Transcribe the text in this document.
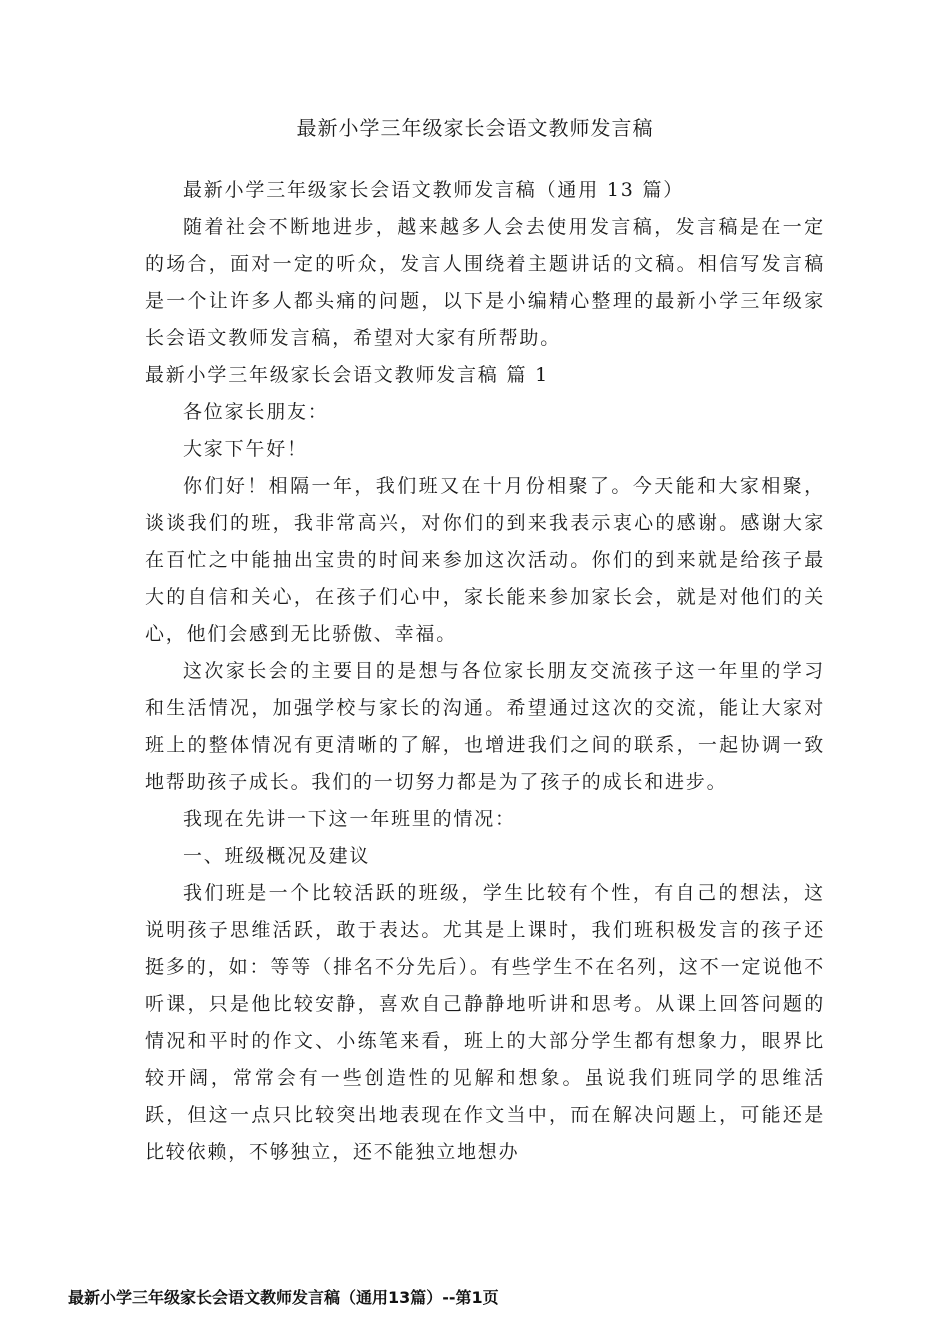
最新小学三年级家长会语文教师发言稿

最新小学三年级家长会语文教师发言稿（通用 13 篇）

随着社会不断地进步，越来越多人会去使用发言稿，发言稿是在一定的场合，面对一定的听众，发言人围绕着主题讲话的文稿。相信写发言稿是一个让许多人都头痛的问题，以下是小编精心整理的最新小学三年级家长会语文教师发言稿，希望对大家有所帮助。

最新小学三年级家长会语文教师发言稿 篇 1

各位家长朋友：

大家下午好！

你们好！相隔一年，我们班又在十月份相聚了。今天能和大家相聚，谈谈我们的班，我非常高兴，对你们的到来我表示衷心的感谢。感谢大家在百忙之中能抽出宝贵的时间来参加这次活动。你们的到来就是给孩子最大的自信和关心，在孩子们心中，家长能来参加家长会，就是对他们的关心，他们会感到无比骄傲、幸福。

这次家长会的主要目的是想与各位家长朋友交流孩子这一年里的学习和生活情况，加强学校与家长的沟通。希望通过这次的交流，能让大家对班上的整体情况有更清晰的了解，也增进我们之间的联系，一起协调一致地帮助孩子成长。我们的一切努力都是为了孩子的成长和进步。

我现在先讲一下这一年班里的情况：

一、班级概况及建议

我们班是一个比较活跃的班级，学生比较有个性，有自己的想法，这说明孩子思维活跃，敢于表达。尤其是上课时，我们班积极发言的孩子还挺多的，如：等等（排名不分先后）。有些学生不在名列，这不一定说他不听课，只是他比较安静，喜欢自己静静地听讲和思考。从课上回答问题的情况和平时的作文、小练笔来看，班上的大部分学生都有想象力，眼界比较开阔，常常会有一些创造性的见解和想象。虽说我们班同学的思维活跃，但这一点只比较突出地表现在作文当中，而在解决问题上，可能还是比较依赖，不够独立，还不能独立地想办

最新小学三年级家长会语文教师发言稿（通用13篇）--第1页
